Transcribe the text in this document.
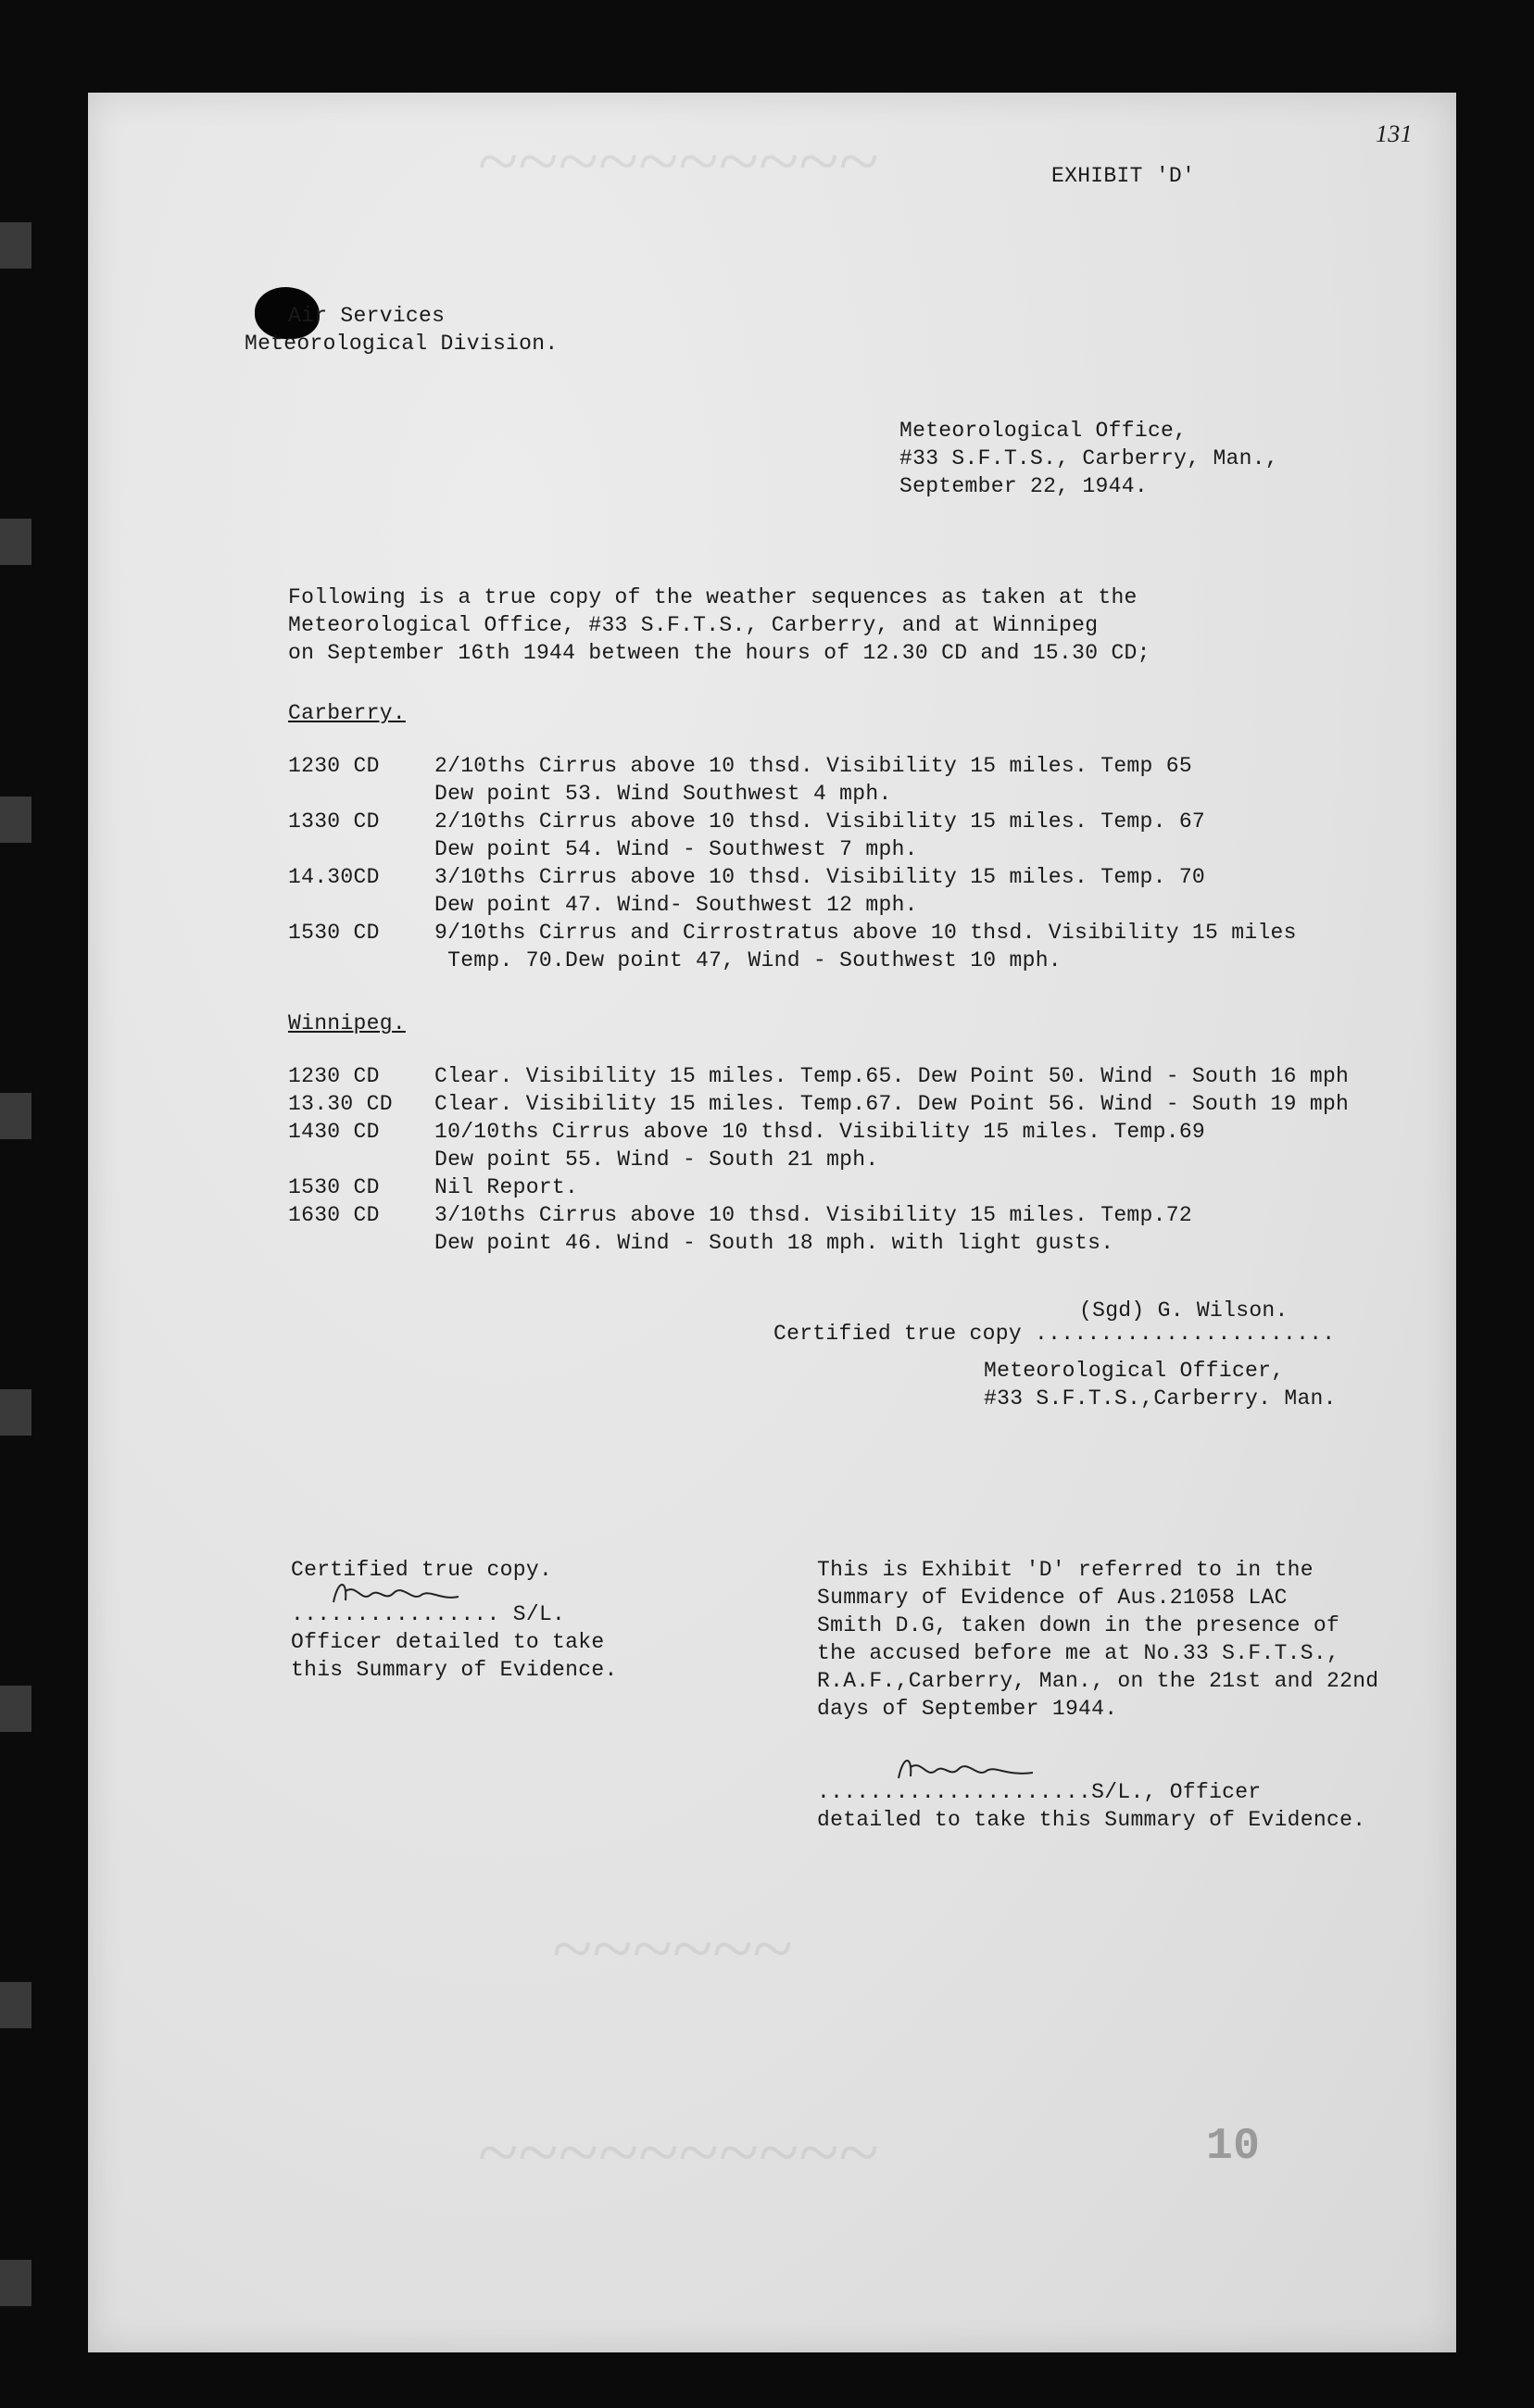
~~~~~~~~~~
~~~~~~
~~~~~~~~~~
131
EXHIBIT 'D'
Air Services
Meteorological Division.
Meteorological Office,
#33 S.F.T.S., Carberry, Man.,
September 22, 1944.
Following is a true copy of the weather sequences as taken at the
Meteorological Office, #33 S.F.T.S., Carberry, and at Winnipeg
on September 16th 1944 between the hours of 12.30 CD and 15.30 CD;
Carberry.
1230 CD	2/10ths Cirrus above 10 thsd. Visibility 15 miles. Temp 65
Dew point 53. Wind Southwest 4 mph.
1330 CD	2/10ths Cirrus above 10 thsd. Visibility 15 miles. Temp. 67
Dew point 54. Wind - Southwest 7 mph.
14.30CD	3/10ths Cirrus above 10 thsd. Visibility 15 miles. Temp. 70
Dew point 47. Wind- Southwest 12 mph.
1530 CD	9/10ths Cirrus and Cirrostratus above 10 thsd. Visibility 15 miles
Temp. 70.Dew point 47, Wind - Southwest 10 mph.
Winnipeg.
1230 CD	Clear. Visibility 15 miles. Temp.65. Dew Point 50. Wind - South 16 mph
13.30 CD Clear. Visibility 15 miles. Temp.67. Dew Point 56. Wind - South 19 mph
1430 CD	10/10ths Cirrus above 10 thsd. Visibility 15 miles. Temp.69
Dew point 55. Wind - South 21 mph.
1530 CD	Nil Report.
1630 CD	3/10ths Cirrus above 10 thsd. Visibility 15 miles. Temp.72
Dew point 46. Wind - South 18 mph. with light gusts.
(Sgd) G. Wilson.
Certified true copy .......................
Meteorological Officer,
#33 S.F.T.S.,Carberry. Man.
Certified true copy.
................ S/L.
Officer detailed to take
this Summary of Evidence.
This is Exhibit 'D' referred to in the
Summary of Evidence of Aus.21058 LAC
Smith D.G, taken down in the presence of
the accused before me at No.33 S.F.T.S.,
R.A.F.,Carberry, Man., on the 21st and 22nd
days of September 1944.
.....................S/L., Officer
detailed to take this Summary of Evidence.
10
